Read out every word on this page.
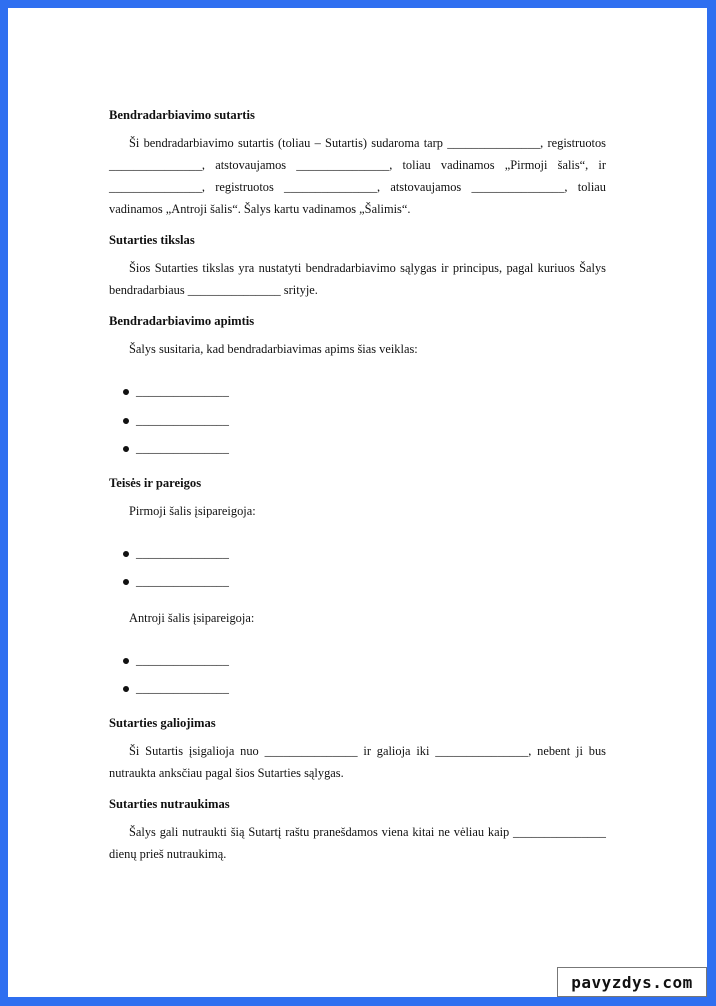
Bendradarbiavimo sutartis

Ši bendradarbiavimo sutartis (toliau – Sutartis) sudaroma tarp _______________, registruotos _______________, atstovaujamos _______________, toliau vadinamos „Pirmoji šalis“, ir _______________, registruotos _______________, atstovaujamos _______________, toliau vadinamos „Antroji šalis“. Šalys kartu vadinamos „Šalimis“.

Sutarties tikslas

Šios Sutarties tikslas yra nustatyti bendradarbiavimo sąlygas ir principus, pagal kuriuos Šalys bendradarbiaus _______________ srityje.

Bendradarbiavimo apimtis

Šalys susitaria, kad bendradarbiavimas apims šias veiklas:

_______________
_______________
_______________
Teisės ir pareigos

Pirmoji šalis įsipareigoja:

_______________
_______________

Antroji šalis įsipareigoja:

_______________
_______________
Sutarties galiojimas

Ši Sutartis įsigalioja nuo _______________ ir galioja iki _______________, nebent ji bus nutraukta anksčiau pagal šios Sutarties sąlygas.

Sutarties nutraukimas

Šalys gali nutraukti šią Sutartį raštu pranešdamos viena kitai ne vėliau kaip _______________ dienų prieš nutraukimą.

pavyzdys.com
